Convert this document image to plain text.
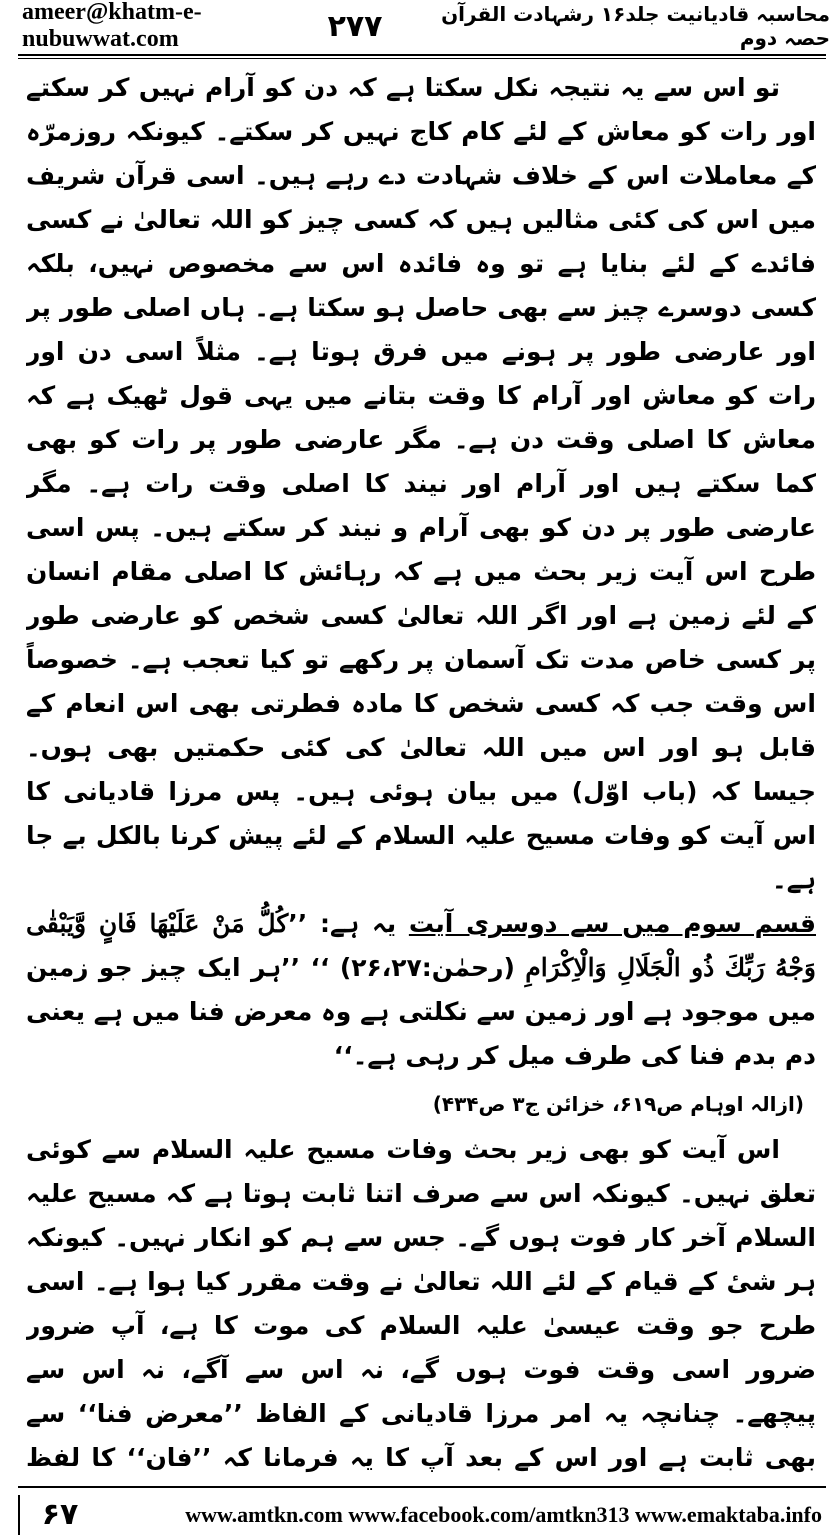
ameer@khatm-e-nubuwwat.com
محاسبہ قادیانیت جلد۱۶ رشہادت القرآن حصہ دوم
۲۷۷

تو اس سے یہ نتیجہ نکل سکتا ہے کہ دن کو آرام نہیں کر سکتے اور رات کو معاش کے لئے کام کاج نہیں کر سکتے۔ کیونکہ روزمرّہ کے معاملات اس کے خلاف شہادت دے رہے ہیں۔ اسی قرآن شریف میں اس کی کئی مثالیں ہیں کہ کسی چیز کو اللہ تعالیٰ نے کسی فائدے کے لئے بنایا ہے تو وہ فائدہ اس سے مخصوص نہیں، بلکہ کسی دوسرے چیز سے بھی حاصل ہو سکتا ہے۔ ہاں اصلی طور پر اور عارضی طور پر ہونے میں فرق ہوتا ہے۔ مثلاً اسی دن اور رات کو معاش اور آرام کا وقت بتانے میں یہی قول ٹھیک ہے کہ معاش کا اصلی وقت دن ہے۔ مگر عارضی طور پر رات کو بھی کما سکتے ہیں اور آرام اور نیند کا اصلی وقت رات ہے۔ مگر عارضی طور پر دن کو بھی آرام و نیند کر سکتے ہیں۔ پس اسی طرح اس آیت زیر بحث میں ہے کہ رہائش کا اصلی مقام انسان کے لئے زمین ہے اور اگر اللہ تعالیٰ کسی شخص کو عارضی طور پر کسی خاص مدت تک آسمان پر رکھے تو کیا تعجب ہے۔ خصوصاً اس وقت جب کہ کسی شخص کا مادہ فطرتی بھی اس انعام کے قابل ہو اور اس میں اللہ تعالیٰ کی کئی حکمتیں بھی ہوں۔ جیسا کہ (باب اوّل) میں بیان ہوئی ہیں۔ پس مرزا قادیانی کا اس آیت کو وفات مسیح علیہ السلام کے لئے پیش کرنا بالکل بے جا ہے۔

قسم سوم میں سے دوسری آیت یہ ہے: ’’كُلُّ مَنْ عَلَيْهَا فَانٍ وَّيَبْقٰى وَجْهُ رَبِّكَ ذُو الْجَلَالِ وَالْاِكْرَامِ (رحمٰن:۲۶،۲۷) ‘‘ ’’ہر ایک چیز جو زمین میں موجود ہے اور زمین سے نکلتی ہے وہ معرض فنا میں ہے یعنی دم بدم فنا کی طرف میل کر رہی ہے۔‘‘

(ازالہ اوہام ص۶۱۹، خزائن ج۳ ص۴۳۴)

اس آیت کو بھی زیر بحث وفات مسیح علیہ السلام سے کوئی تعلق نہیں۔ کیونکہ اس سے صرف اتنا ثابت ہوتا ہے کہ مسیح علیہ السلام آخر کار فوت ہوں گے۔ جس سے ہم کو انکار نہیں۔ کیونکہ ہر شیٔ کے قیام کے لئے اللہ تعالیٰ نے وقت مقرر کیا ہوا ہے۔ اسی طرح جو وقت عیسیٰ علیہ السلام کی موت کا ہے، آپ ضرور ضرور اسی وقت فوت ہوں گے، نہ اس سے آگے، نہ اس سے پیچھے۔ چنانچہ یہ امر مرزا قادیانی کے الفاظ ’’معرض فنا‘‘ سے بھی ثابت ہے اور اس کے بعد آپ کا یہ فرمانا کہ ’’فان‘‘ کا لفظ

۶۷	www.amtkn.com www.facebook.com/amtkn313 www.emaktaba.info
